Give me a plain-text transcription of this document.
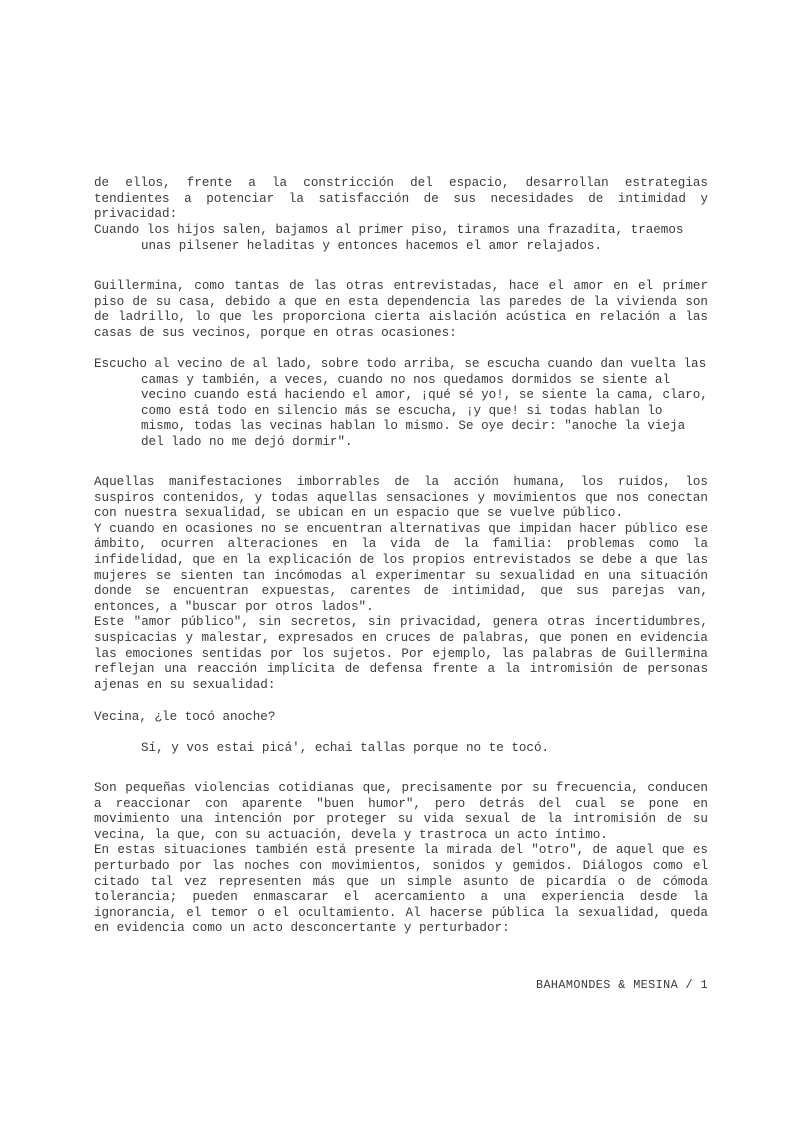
de ellos, frente a la constricción del espacio, desarrollan estrategias tendientes a potenciar la satisfacción de sus necesidades de intimidad y privacidad:

Cuando los hijos salen, bajamos al primer piso, tiramos una frazadita, traemos unas pilsener heladitas y entonces hacemos el amor relajados.

Guillermina, como tantas de las otras entrevistadas, hace el amor en el primer piso de su casa, debido a que en esta dependencia las paredes de la vivienda son de ladrillo, lo que les proporciona cierta aislación acústica en relación a las casas de sus vecinos, porque en otras ocasiones:

Escucho al vecino de al lado, sobre todo arriba, se escucha cuando dan vuelta las camas y también, a veces, cuando no nos quedamos dormidos se siente al vecino cuando está haciendo el amor, ¡qué sé yo!, se siente la cama, claro, como está todo en silencio más se escucha, ¡y que! si todas hablan lo mismo, todas las vecinas hablan lo mismo. Se oye decir: "anoche la vieja del lado no me dejó dormir".

Aquellas manifestaciones imborrables de la acción humana, los ruidos, los suspiros contenidos, y todas aquellas sensaciones y movimientos que nos conectan con nuestra sexualidad, se ubican en un espacio que se vuelve público.

Y cuando en ocasiones no se encuentran alternativas que impidan hacer público ese ámbito, ocurren alteraciones en la vida de la familia: problemas como la infidelidad, que en la explicación de los propios entrevistados se debe a que las mujeres se sienten tan incómodas al experimentar su sexualidad en una situación donde se encuentran expuestas, carentes de intimidad, que sus parejas van, entonces, a "buscar por otros lados".

Este "amor público", sin secretos, sin privacidad, genera otras incertidumbres, suspicacias y malestar, expresados en cruces de palabras, que ponen en evidencia las emociones sentidas por los sujetos. Por ejemplo, las palabras de Guillermina reflejan una reacción implícita de defensa frente a la intromisión de personas ajenas en su sexualidad:

Vecina, ¿le tocó anoche?

Sí, y vos estai picá', echai tallas porque no te tocó.

Son pequeñas violencias cotidianas que, precisamente por su frecuencia, conducen a reaccionar con aparente "buen humor", pero detrás del cual se pone en movimiento una intención por proteger su vida sexual de la intromisión de su vecina, la que, con su actuación, devela y trastroca un acto íntimo.

En estas situaciones también está presente la mirada del "otro", de aquel que es perturbado por las noches con movimientos, sonidos y gemidos. Diálogos como el citado tal vez representen más que un simple asunto de picardía o de cómoda tolerancia; pueden enmascarar el acercamiento a una experiencia desde la ignorancia, el temor o el ocultamiento. Al hacerse pública la sexualidad, queda en evidencia como un acto desconcertante y perturbador:

BAHAMONDES & MESINA / 1
